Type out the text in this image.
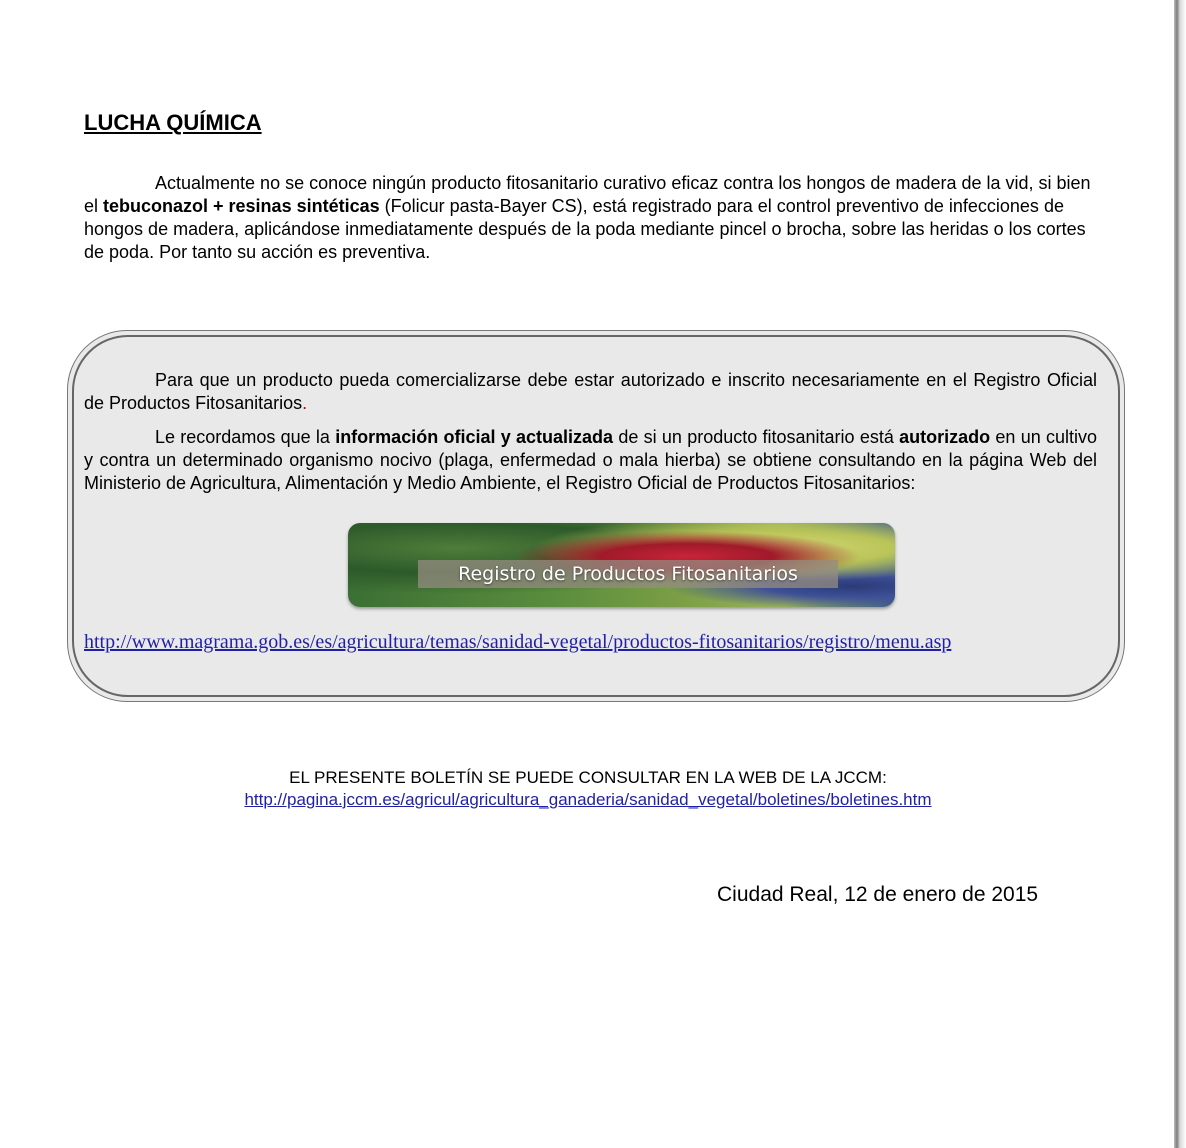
LUCHA QUÍMICA

Actualmente no se conoce ningún producto fitosanitario curativo eficaz contra los hongos de madera de la vid, si bien el tebuconazol + resinas sintéticas (Folicur pasta-Bayer CS), está registrado para el control preventivo de infecciones de hongos de madera, aplicándose inmediatamente después de la poda mediante pincel o brocha, sobre las heridas o los cortes de poda. Por tanto su acción es preventiva.

Para que un producto pueda comercializarse debe estar autorizado e inscrito necesariamente en el Registro Oficial de Productos Fitosanitarios.

Le recordamos que la información oficial y actualizada de si un producto fitosanitario está autorizado en un cultivo y contra un determinado organismo nocivo (plaga, enfermedad o mala hierba) se obtiene consultando en la página Web del Ministerio de Agricultura, Alimentación y Medio Ambiente, el Registro Oficial de Productos Fitosanitarios:

Registro de Productos Fitosanitarios
http://www.magrama.gob.es/es/agricultura/temas/sanidad-vegetal/productos-fitosanitarios/registro/menu.asp

EL PRESENTE BOLETÍN SE PUEDE CONSULTAR EN LA WEB DE LA JCCM:

http://pagina.jccm.es/agricul/agricultura_ganaderia/sanidad_vegetal/boletines/boletines.htm

Ciudad Real, 12 de enero de 2015
